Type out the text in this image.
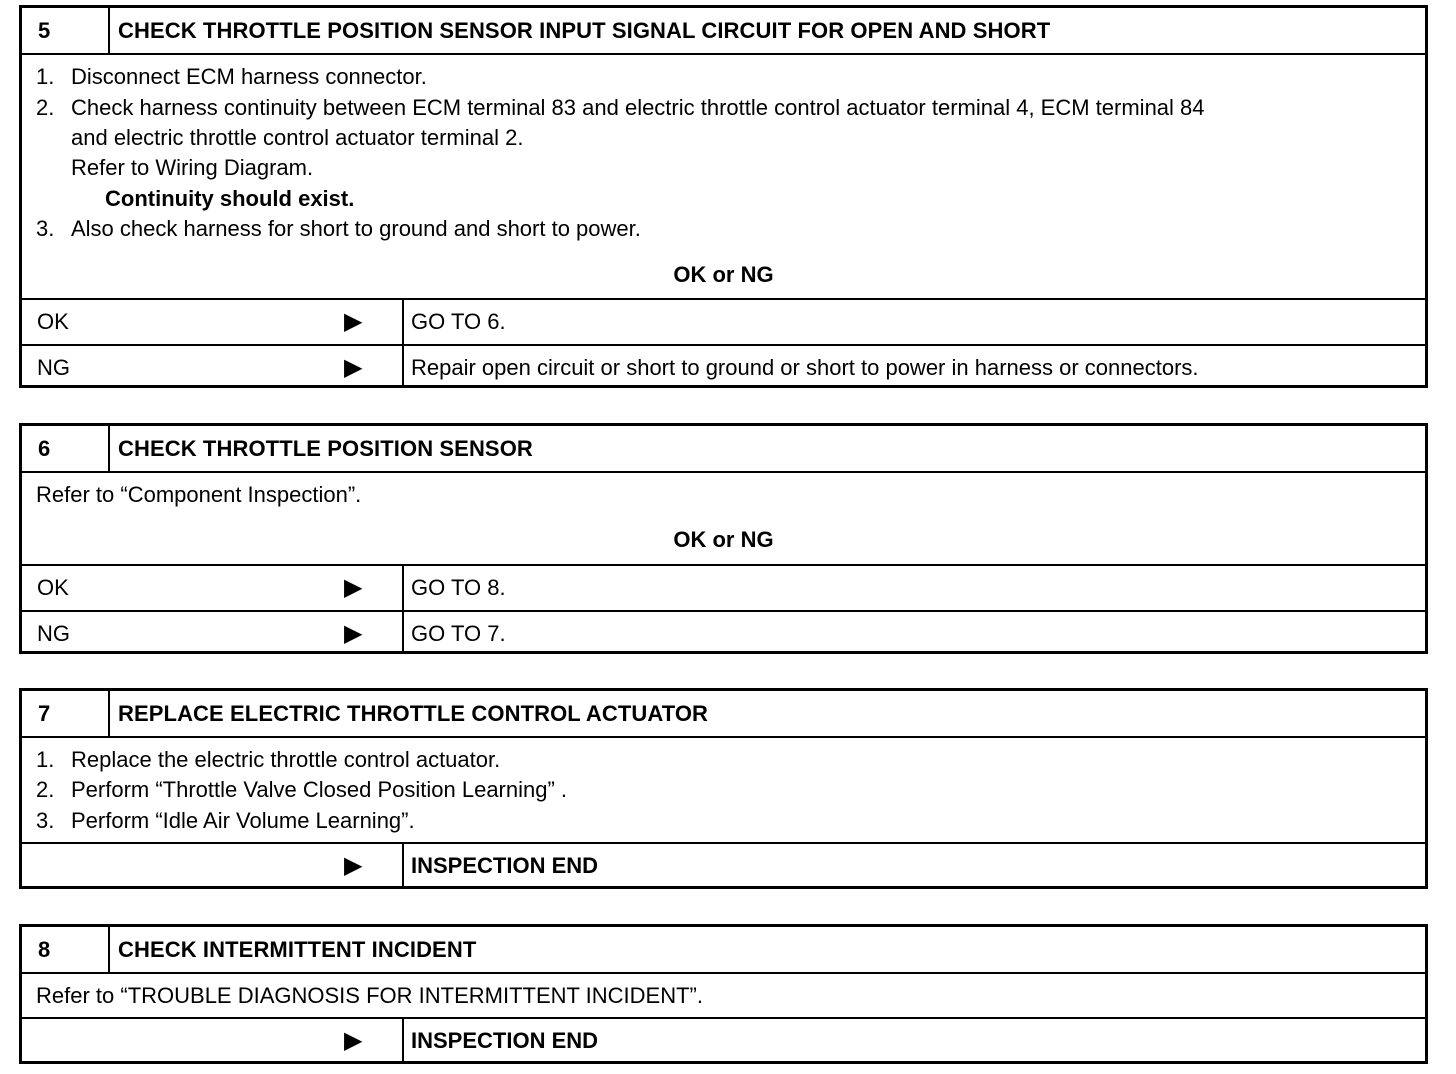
5	CHECK THROTTLE POSITION SENSOR INPUT SIGNAL CIRCUIT FOR OPEN AND SHORT
1. Disconnect ECM harness connector.
2. Check harness continuity between ECM terminal 83 and electric throttle control actuator terminal 4, ECM terminal 84
and electric throttle control actuator terminal 2.
Refer to Wiring Diagram.
Continuity should exist.
3. Also check harness for short to ground and short to power.
OK or NG
OK	▶	GO TO 6.
NG	▶	Repair open circuit or short to ground or short to power in harness or connectors.
6	CHECK THROTTLE POSITION SENSOR
Refer to “Component Inspection”.
OK or NG
OK	▶	GO TO 8.
NG	▶	GO TO 7.
7	REPLACE ELECTRIC THROTTLE CONTROL ACTUATOR
1. Replace the electric throttle control actuator.
2. Perform “Throttle Valve Closed Position Learning” .
3. Perform “Idle Air Volume Learning”.
▶	INSPECTION END
8	CHECK INTERMITTENT INCIDENT
Refer to “TROUBLE DIAGNOSIS FOR INTERMITTENT INCIDENT”.
▶	INSPECTION END
